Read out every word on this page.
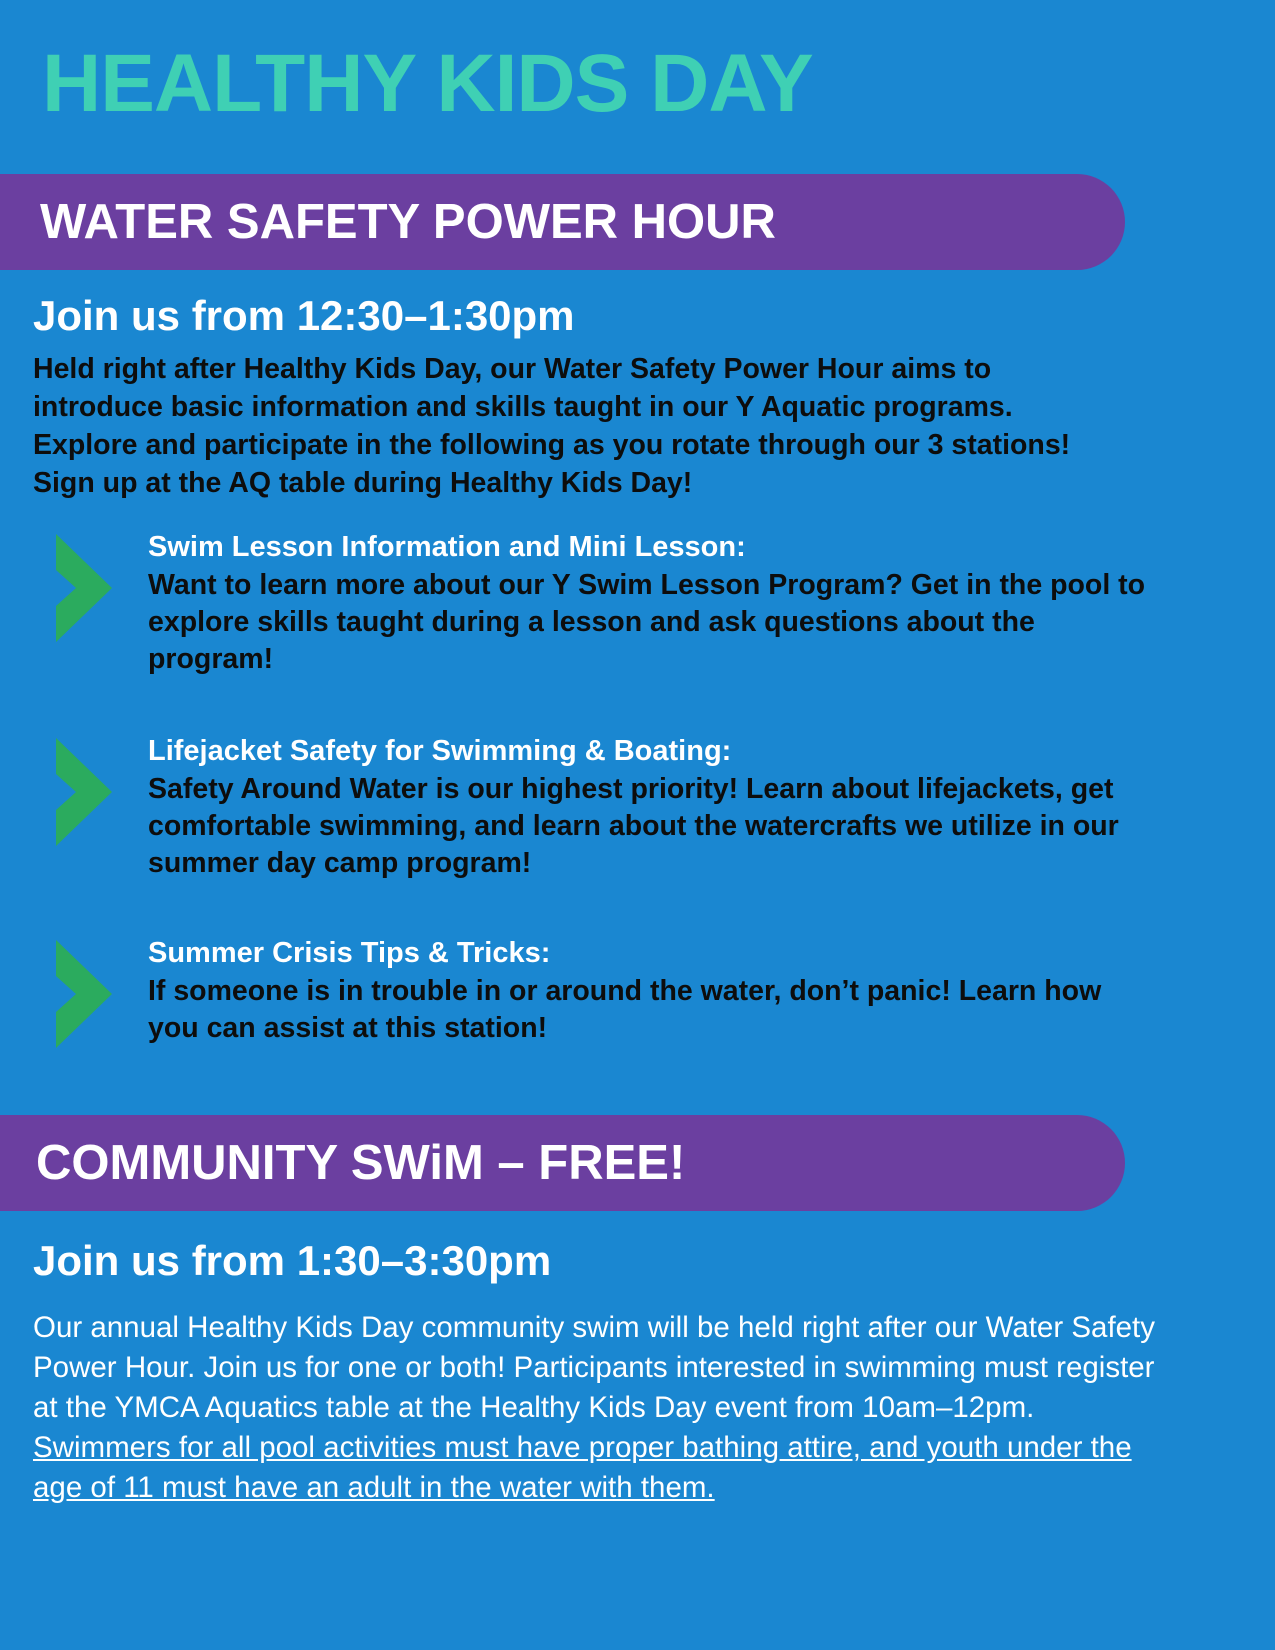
HEALTHY KIDS DAY
WATER SAFETY POWER HOUR
Join us from 12:30–1:30pm
Held right after Healthy Kids Day, our Water Safety Power Hour aims to introduce basic information and skills taught in our Y Aquatic programs. Explore and participate in the following as you rotate through our 3 stations! Sign up at the AQ table during Healthy Kids Day!
Swim Lesson Information and Mini Lesson:
Want to learn more about our Y Swim Lesson Program? Get in the pool to explore skills taught during a lesson and ask questions about the program!
Lifejacket Safety for Swimming & Boating:
Safety Around Water is our highest priority! Learn about lifejackets, get comfortable swimming, and learn about the watercrafts we utilize in our summer day camp program!
Summer Crisis Tips & Tricks:
If someone is in trouble in or around the water, don’t panic! Learn how you can assist at this station!
COMMUNITY SWiM – FREE!
Join us from 1:30–3:30pm
Our annual Healthy Kids Day community swim will be held right after our Water Safety Power Hour. Join us for one or both! Participants interested in swimming must register at the YMCA Aquatics table at the Healthy Kids Day event from 10am–12pm. Swimmers for all pool activities must have proper bathing attire, and youth under the age of 11 must have an adult in the water with them.
